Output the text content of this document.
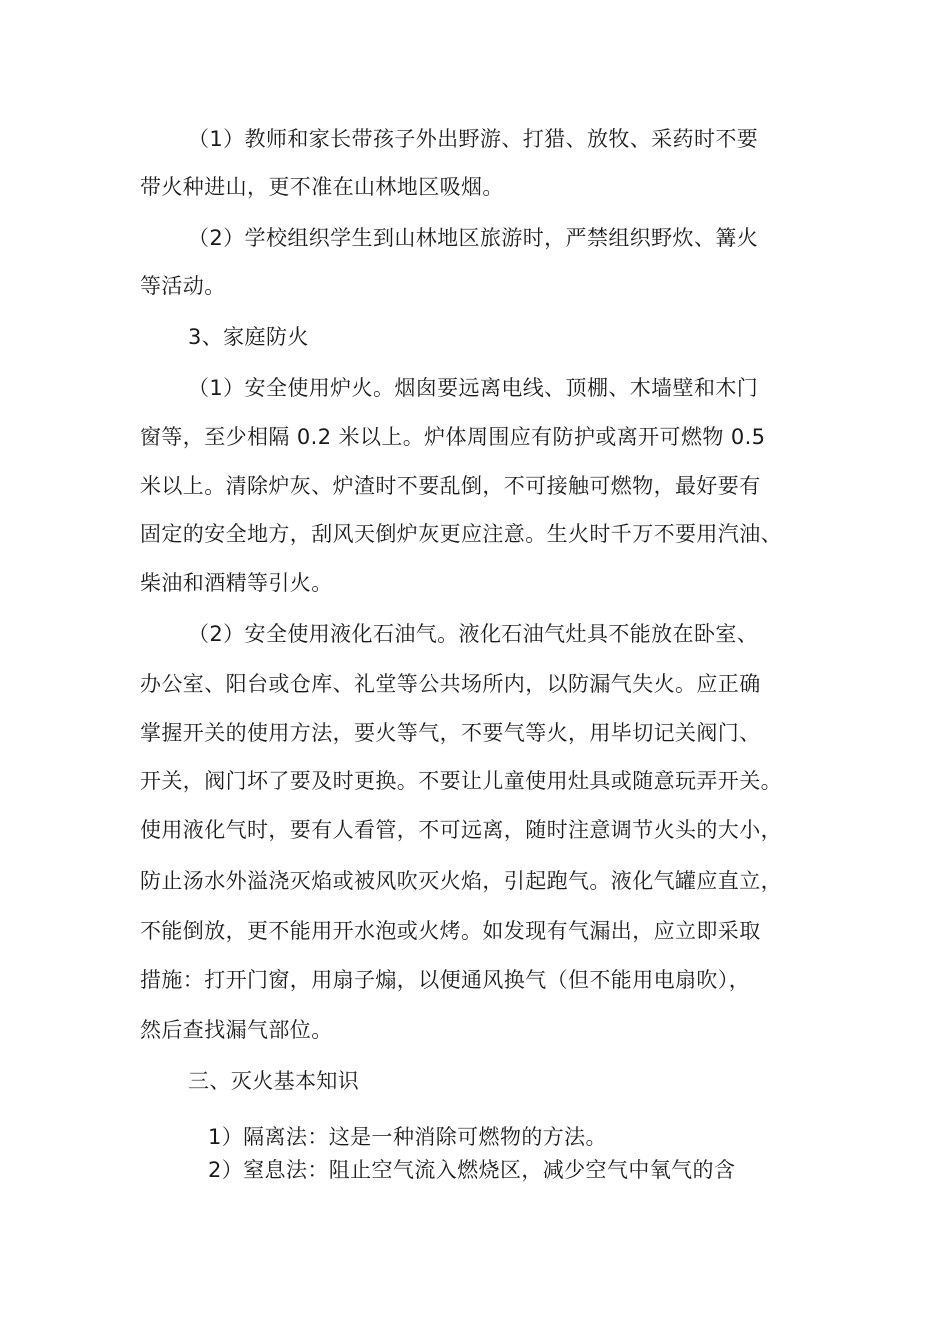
（1）教师和家长带孩子外出野游、打猎、放牧、采药时不要
带火种进山，更不准在山林地区吸烟。
（2）学校组织学生到山林地区旅游时，严禁组织野炊、篝火
等活动。
3、家庭防火
（1）安全使用炉火。烟囱要远离电线、顶棚、木墙壁和木门
窗等，至少相隔 0.2 米以上。炉体周围应有防护或离开可燃物 0.5
米以上。清除炉灰、炉渣时不要乱倒，不可接触可燃物，最好要有
固定的安全地方，刮风天倒炉灰更应注意。生火时千万不要用汽油、
柴油和酒精等引火。
（2）安全使用液化石油气。液化石油气灶具不能放在卧室、
办公室、阳台或仓库、礼堂等公共场所内，以防漏气失火。应正确
掌握开关的使用方法，要火等气，不要气等火，用毕切记关阀门、
开关，阀门坏了要及时更换。不要让儿童使用灶具或随意玩弄开关。
使用液化气时，要有人看管，不可远离，随时注意调节火头的大小，
防止汤水外溢浇灭焰或被风吹灭火焰，引起跑气。液化气罐应直立，
不能倒放，更不能用开水泡或火烤。如发现有气漏出，应立即采取
措施：打开门窗，用扇子煽，以便通风换气（但不能用电扇吹），
然后查找漏气部位。
三、灭火基本知识
1）隔离法：这是一种消除可燃物的方法。
2）窒息法：阻止空气流入燃烧区，减少空气中氧气的含
